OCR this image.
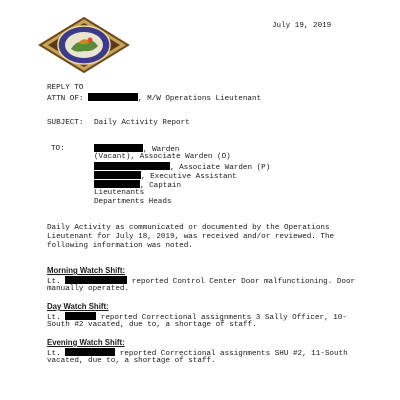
July 19, 2019
REPLY TO
ATTN OF:	, M/W Operations Lieutenant
SUBJECT: Daily Activity Report
TO:	, Warden
(Vacant), Associate Warden (O)
, Associate Warden (P)
, Executive Assistant
, Captain
Lieutenants
Departments Heads
Daily Activity as communicated or documented by the Operations Lieutenant for July 18, 2019, was received and/or reviewed. The following information was noted.
Morning Watch Shift:
Lt.	reported Control Center Door malfunctioning. Door
manually operated.
Day Watch Shift:
Lt.	reported Correctional assignments 3 Sally Officer, 10-
South #2 vacated, due to, a shortage of staff.
Evening Watch Shift:
Lt.	reported Correctional assignments SHU #2, 11-South
vacated, due to, a shortage of staff.
